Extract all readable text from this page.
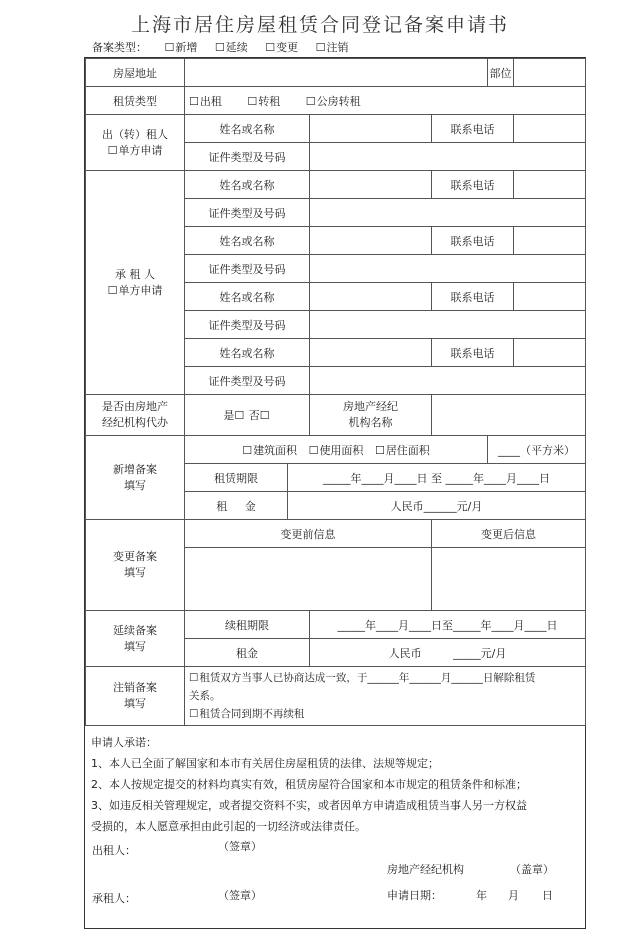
上海市居住房屋租赁合同登记备案申请书
备案类型：	☐ 新增	☐ 延续	☐ 变更	☐ 注销
房屋地址					部位	
租赁类型	☐ 出租 ☐ 转租 ☐ 公房转租
出（转）租人
☐ 单方申请	姓名或名称			联系电话		
	证件类型及号码					
承 租 人
☐ 单方申请	姓名或名称			联系电话		
	证件类型及号码					
	姓名或名称			联系电话		
	证件类型及号码					
	姓名或名称			联系电话		
	证件类型及号码					
	姓名或名称			联系电话		
	证件类型及号码					
是否由房地产
经纪机构代办	是 ☐ 否☐		房地产经纪
机构名称			
新增备案
填写	☐ 建筑面积 ☐ 使用面积 ☐ 居住面积				____（平方米）	
	租赁期限	_____年____月____日 至 _____年____月____日				
	租     金	人民币______元/月				
变更备案
填写	变更前信息			变更后信息		

延续备案
填写	续租期限		_____年____月____日至_____年____月____日			
	租金		人民币         _____元/月			
注销备案
填写	☐ 租赁双方当事人已协商达成一致，于______年______月______日解除租赁
关系。
☐ 租赁合同到期不再续租
申请人承诺：
1、本人已全面了解国家和本市有关居住房屋租赁的法律、法规等规定；
2、本人按规定提交的材料均真实有效，租赁房屋符合国家和本市规定的租赁条件和标准；
3、如违反相关管理规定，或者提交资料不实，或者因单方申请造成租赁当事人另一方权益
受损的，本人愿意承担由此引起的一切经济或法律责任。
出租人：	（签章）
房地产经纪机构	（盖章）
承租人：	（签章）	申请日期：	年 月 日
